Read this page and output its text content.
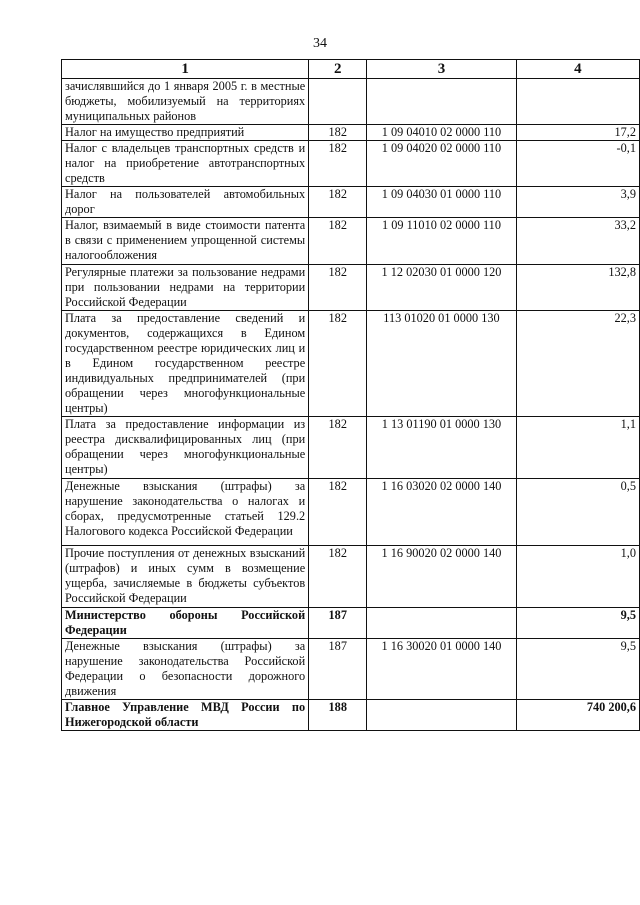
34
1	2	3	4
зачислявшийся до 1 января 2005 г. в местные бюджеты, мобилизуемый на территориях муниципальных районов			
Налог на имущество предприятий	182	1 09 04010 02 0000 110	17,2
Налог с владельцев транспортных средств и налог на приобретение автотранспортных средств	182	1 09 04020 02 0000 110	-0,1
Налог на пользователей автомобильных дорог	182	1 09 04030 01 0000 110	3,9
Налог, взимаемый в виде стоимости патента в связи с применением упрощенной системы налогообложения	182	1 09 11010 02 0000 110	33,2
Регулярные платежи за пользование недрами при пользовании недрами на территории Российской Федерации	182	1 12 02030 01 0000 120	132,8
Плата за предоставление сведений и документов, содержащихся в Едином государственном реестре юридических лиц и в Едином государственном реестре индивидуальных предпринимателей (при обращении через многофункциональные центры)	182	113 01020 01 0000 130	22,3
Плата за предоставление информации из реестра дисквалифицированных лиц (при обращении через многофункциональные центры)	182	1 13 01190 01 0000 130	1,1
Денежные взыскания (штрафы) за нарушение законодательства о налогах и сборах, предусмотренные статьей 129.2 Налогового кодекса Российской Федерации	182	1 16 03020 02 0000 140	0,5
Прочие поступления от денежных взысканий (штрафов) и иных сумм в возмещение ущерба, зачисляемые в бюджеты субъектов Российской Федерации	182	1 16 90020 02 0000 140	1,0
Министерство обороны Российской Федерации	187		9,5
Денежные взыскания (штрафы) за нарушение законодательства Российской Федерации о безопасности дорожного движения	187	1 16 30020 01 0000 140	9,5
Главное Управление МВД России по Нижегородской области	188		740 200,6
